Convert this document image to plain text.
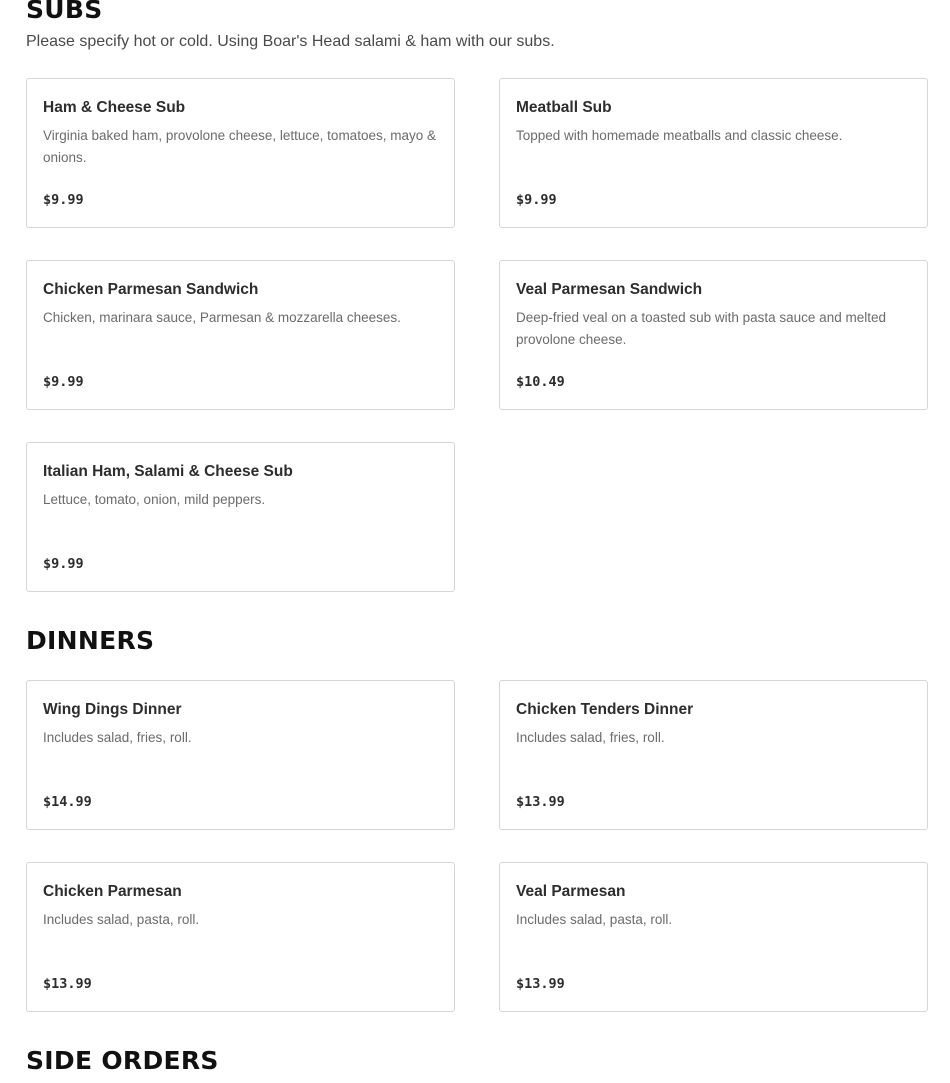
SUBS

Please specify hot or cold. Using Boar's Head salami & ham with our subs.

Ham & Cheese Sub

Virginia baked ham, provolone cheese, lettuce, tomatoes, mayo & onions.

$9.99

Meatball Sub

Topped with homemade meatballs and classic cheese.

$9.99

Chicken Parmesan Sandwich

Chicken, marinara sauce, Parmesan & mozzarella cheeses.

$9.99

Veal Parmesan Sandwich

Deep-fried veal on a toasted sub with pasta sauce and melted provolone cheese.

$10.49

Italian Ham, Salami & Cheese Sub

Lettuce, tomato, onion, mild peppers.

$9.99

DINNERS

Wing Dings Dinner

Includes salad, fries, roll.

$14.99

Chicken Tenders Dinner

Includes salad, fries, roll.

$13.99

Chicken Parmesan

Includes salad, pasta, roll.

$13.99

Veal Parmesan

Includes salad, pasta, roll.

$13.99

SIDE ORDERS
